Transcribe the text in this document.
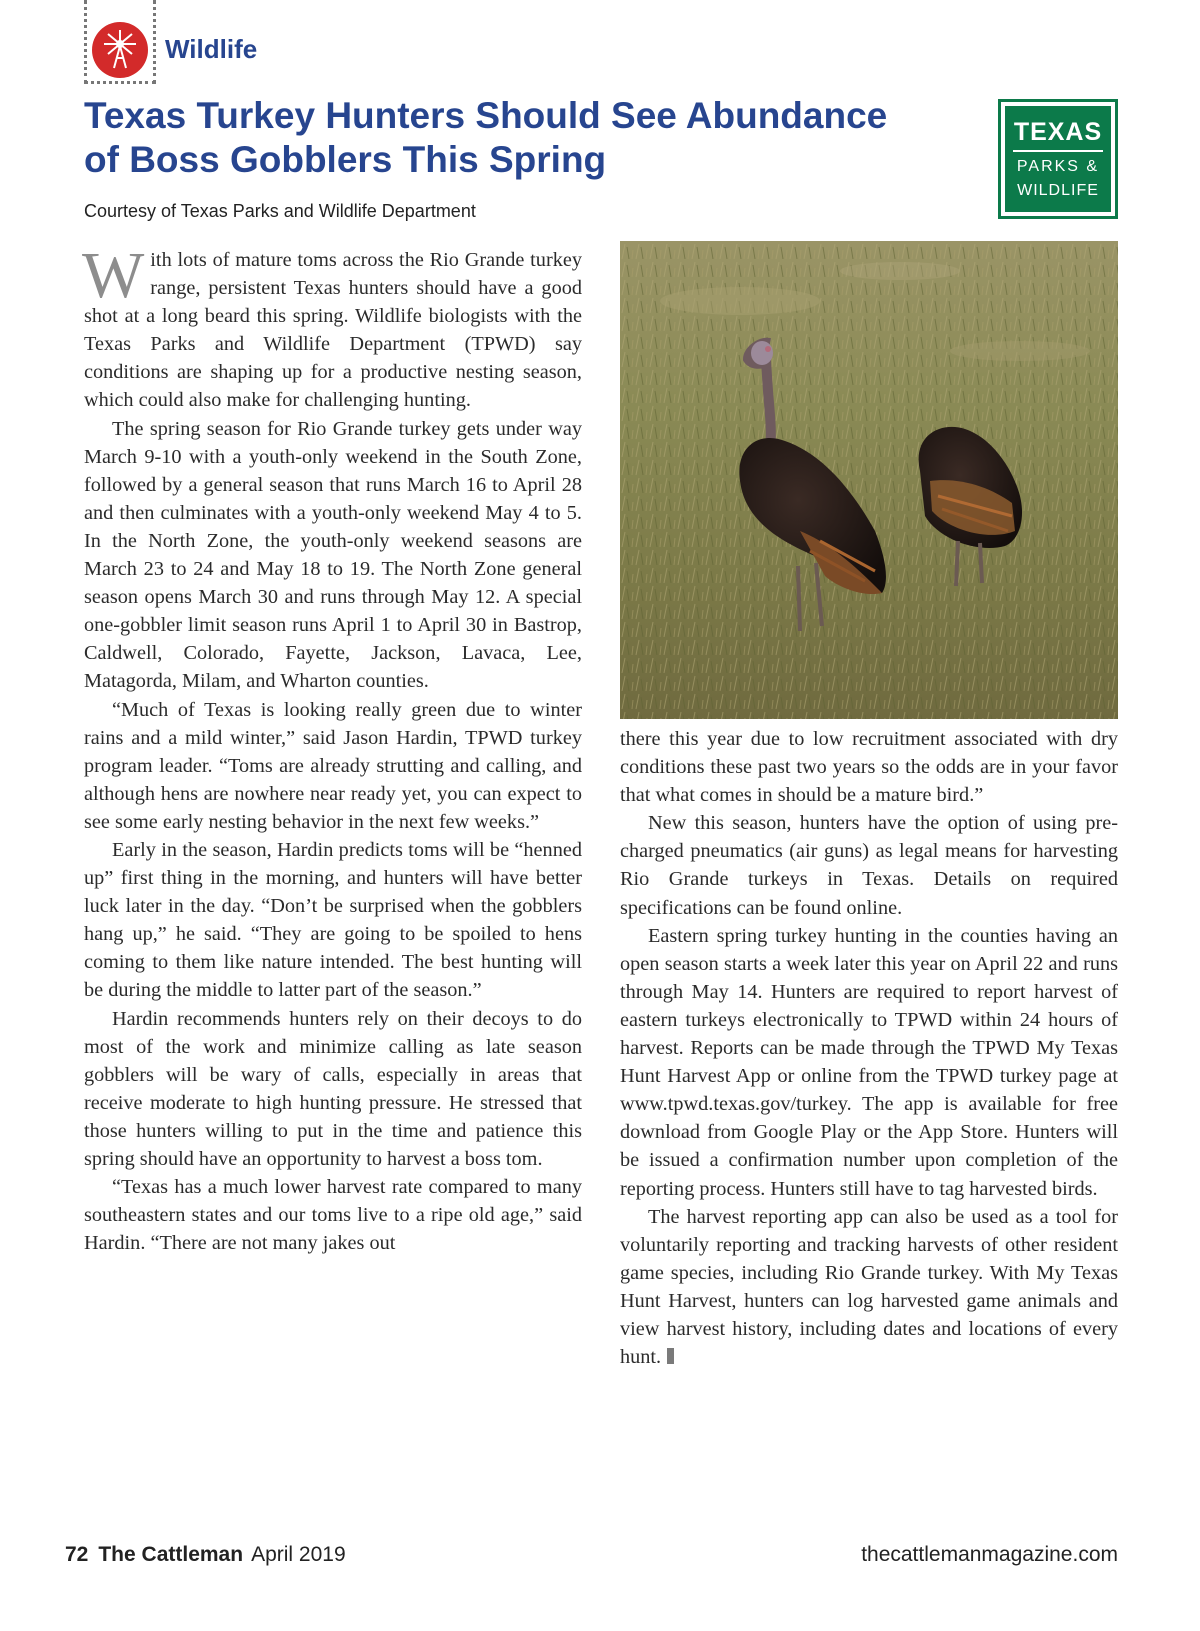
Wildlife
Texas Turkey Hunters Should See Abundance of Boss Gobblers This Spring
Courtesy of Texas Parks and Wildlife Department
TEXAS
PARKS &
WILDLIFE

With lots of mature toms across the Rio Grande turkey range, persistent Texas hunters should have a good shot at a long beard this spring. Wildlife biologists with the Texas Parks and Wildlife Department (TPWD) say conditions are shaping up for a productive nesting season, which could also make for challenging hunting.

The spring season for Rio Grande turkey gets under way March 9-10 with a youth-only weekend in the South Zone, followed by a general season that runs March 16 to April 28 and then culminates with a youth-only weekend May 4 to 5. In the North Zone, the youth-only weekend seasons are March 23 to 24 and May 18 to 19. The North Zone general season opens March 30 and runs through May 12. A special one-gobbler limit season runs April 1 to April 30 in Bastrop, Caldwell, Colorado, Fayette, Jackson, Lavaca, Lee, Matagorda, Milam, and Wharton counties.

“Much of Texas is looking really green due to winter rains and a mild winter,” said Jason Hardin, TPWD turkey program leader. “Toms are already strutting and calling, and although hens are nowhere near ready yet, you can expect to see some early nesting behavior in the next few weeks.”

Early in the season, Hardin predicts toms will be “henned up” first thing in the morning, and hunters will have better luck later in the day. “Don’t be surprised when the gobblers hang up,” he said. “They are going to be spoiled to hens coming to them like nature intended. The best hunting will be during the middle to latter part of the season.”

Hardin recommends hunters rely on their decoys to do most of the work and minimize calling as late season gobblers will be wary of calls, especially in areas that receive moderate to high hunting pressure. He stressed that those hunters willing to put in the time and patience this spring should have an opportunity to harvest a boss tom.

“Texas has a much lower harvest rate compared to many southeastern states and our toms live to a ripe old age,” said Hardin. “There are not many jakes out

there this year due to low recruitment associated with dry conditions these past two years so the odds are in your favor that what comes in should be a mature bird.”

New this season, hunters have the option of using pre-charged pneumatics (air guns) as legal means for harvesting Rio Grande turkeys in Texas. Details on required specifications can be found online.

Eastern spring turkey hunting in the counties having an open season starts a week later this year on April 22 and runs through May 14. Hunters are required to report harvest of eastern turkeys electronically to TPWD within 24 hours of harvest. Reports can be made through the TPWD My Texas Hunt Harvest App or online from the TPWD turkey page at www.tpwd.texas.gov/turkey. The app is available for free download from Google Play or the App Store. Hunters will be issued a confirmation number upon completion of the reporting process. Hunters still have to tag harvested birds.

The harvest reporting app can also be used as a tool for voluntarily reporting and tracking harvests of other resident game species, including Rio Grande turkey. With My Texas Hunt Harvest, hunters can log harvested game animals and view harvest history, including dates and locations of every hunt.

72 The Cattleman April 2019	thecattlemanmagazine.com
